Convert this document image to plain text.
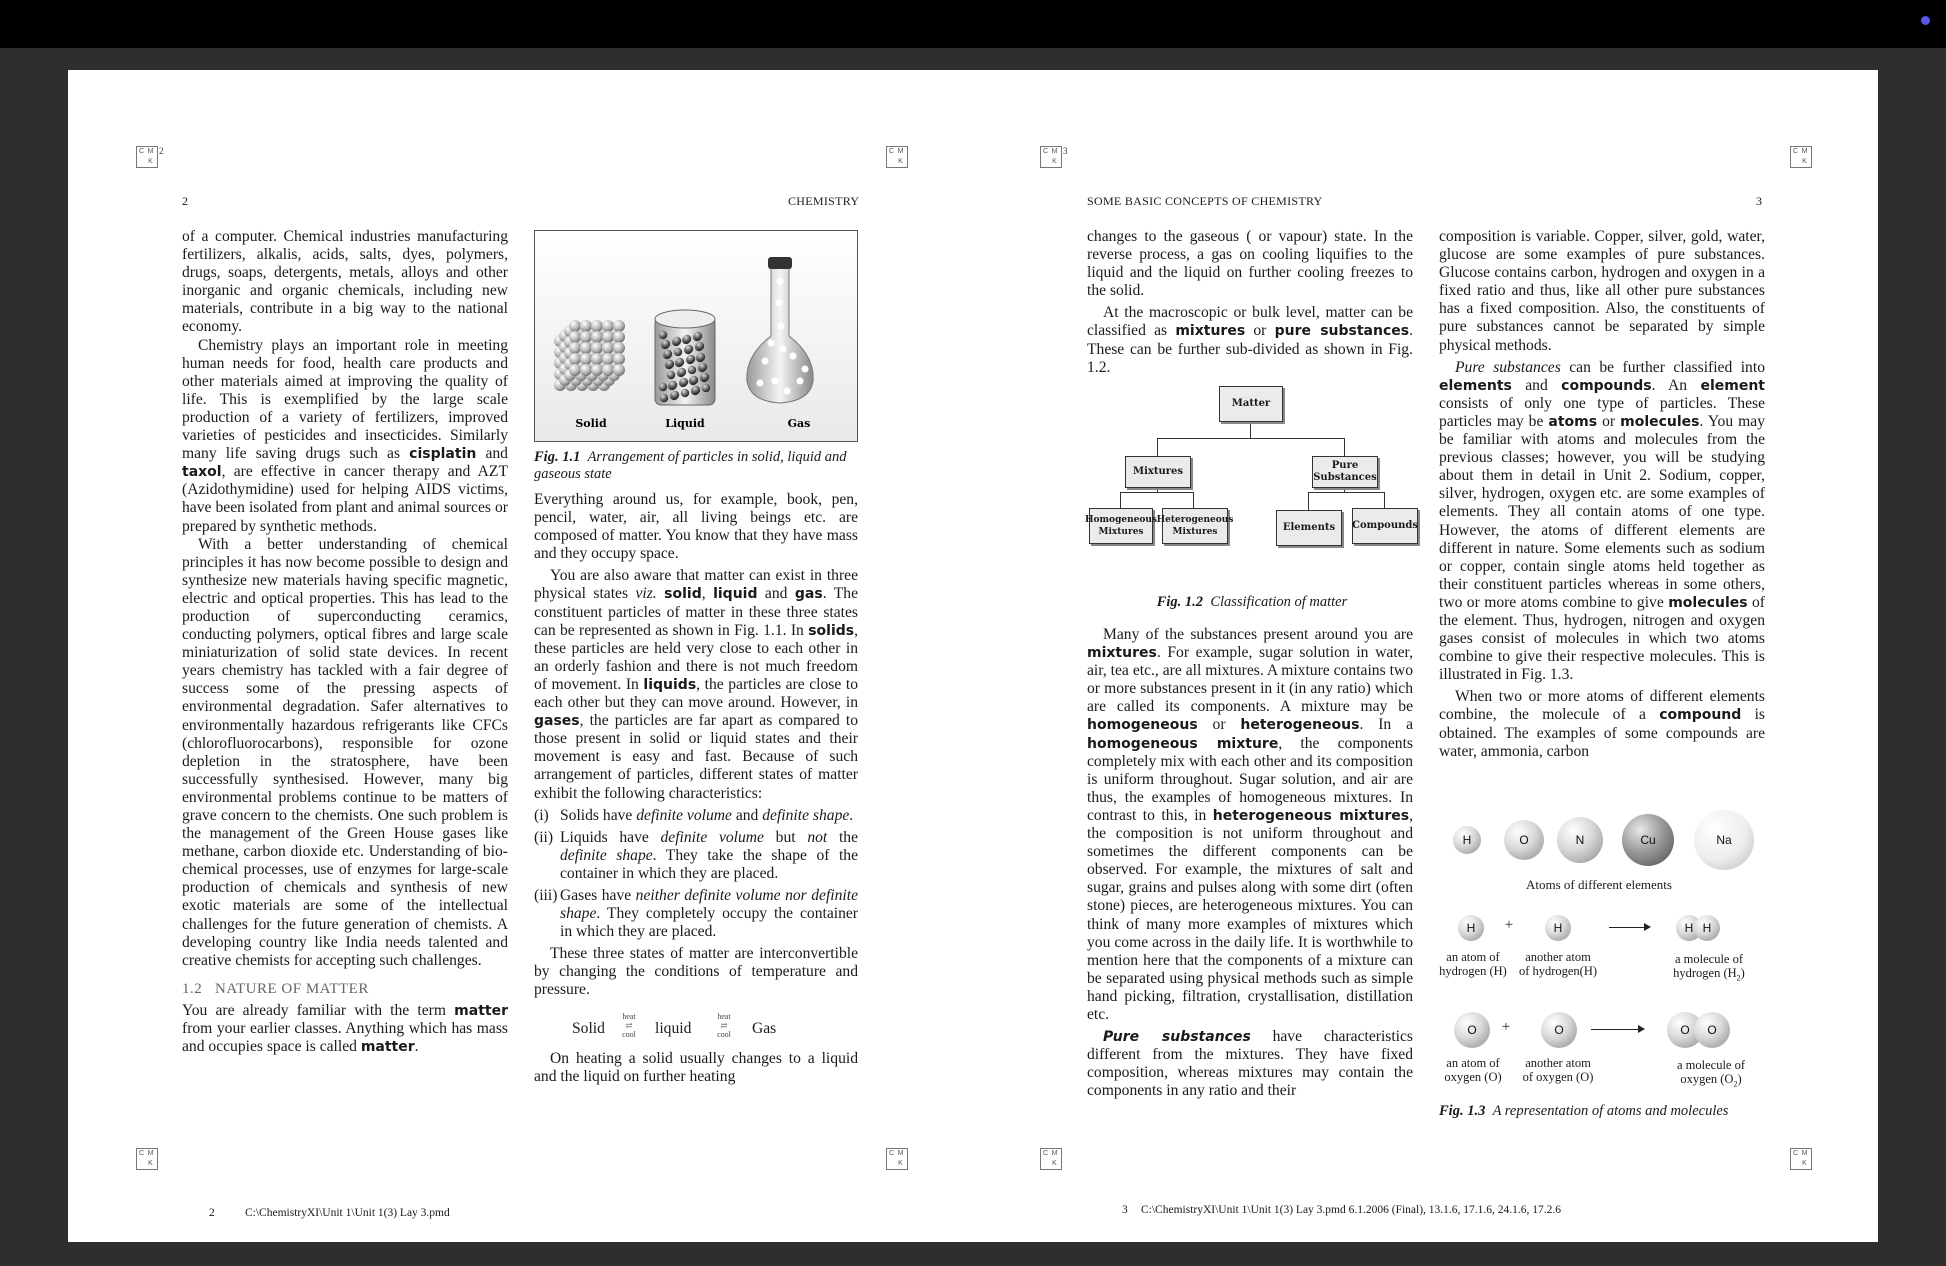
C M
K
2	C M
K
C M
K
3	C M
K
C M
K
C M
K
C M
K
C M
K
2	CHEMISTRY	SOME BASIC CONCEPTS OF CHEMISTRY	3

of a computer. Chemical industries manufacturing fertilizers, alkalis, acids, salts, dyes, polymers, drugs, soaps, detergents, metals, alloys and other inorganic and organic chemicals, including new materials, contribute in a big way to the national economy.

Chemistry plays an important role in meeting human needs for food, health care products and other materials aimed at improving the quality of life. This is exemplified by the large scale production of a variety of fertilizers, improved varieties of pesticides and insecticides. Similarly many life saving drugs such as cisplatin and taxol, are effective in cancer therapy and AZT (Azidothymidine) used for helping AIDS victims, have been isolated from plant and animal sources or prepared by synthetic methods.

With a better understanding of chemical principles it has now become possible to design and synthesize new materials having specific magnetic, electric and optical properties. This has lead to the production of superconducting ceramics, conducting polymers, optical fibres and large scale miniaturization of solid state devices. In recent years chemistry has tackled with a fair degree of success some of the pressing aspects of environmental degradation. Safer alternatives to environmentally hazardous refrigerants like CFCs (chlorofluorocarbons), responsible for ozone depletion in the stratosphere, have been successfully synthesised. However, many big environmental problems continue to be matters of grave concern to the chemists. One such problem is the management of the Green House gases like methane, carbon dioxide etc. Understanding of bio-chemical processes, use of enzymes for large-scale production of chemicals and synthesis of new exotic materials are some of the intellectual challenges for the future generation of chemists. A developing country like India needs talented and creative chemists for accepting such challenges.

1.2 NATURE OF MATTER

You are already familiar with the term matter from your earlier classes. Anything which has mass and occupies space is called matter.

Solid	Liquid	Gas
Fig. 1.1 Arrangement of particles in solid, liquid and gaseous state

Everything around us, for example, book, pen, pencil, water, air, all living beings etc. are composed of matter. You know that they have mass and they occupy space.

You are also aware that matter can exist in three physical states viz. solid, liquid and gas. The constituent particles of matter in these three states can be represented as shown in Fig. 1.1. In solids, these particles are held very close to each other in an orderly fashion and there is not much freedom of movement. In liquids, the particles are close to each other but they can move around. However, in gases, the particles are far apart as compared to those present in solid or liquid states and their movement is easy and fast. Because of such arrangement of particles, different states of matter exhibit the following characteristics:

(i) Solids have definite volume and definite shape.
(ii) Liquids have definite volume but not the definite shape. They take the shape of the container in which they are placed.
(iii) Gases have neither definite volume nor definite shape. They completely occupy the container in which they are placed.

These three states of matter are interconvertible by changing the conditions of temperature and pressure.

Solid
heat
⇄
cool	liquid
heat
⇄
cool	Gas

On heating a solid usually changes to a liquid and the liquid on further heating

changes to the gaseous ( or vapour) state. In the reverse process, a gas on cooling liquifies to the liquid and the liquid on further cooling freezes to the solid.

At the macroscopic or bulk level, matter can be classified as mixtures or pure substances. These can be further sub-divided as shown in Fig. 1.2.

Matter
Mixtures
Pure Substances
Homogeneous Mixtures
Heterogeneous Mixtures	Elements	Compounds
Fig. 1.2 Classification of matter

Many of the substances present around you are mixtures. For example, sugar solution in water, air, tea etc., are all mixtures. A mixture contains two or more substances present in it (in any ratio) which are called its components. A mixture may be homogeneous or heterogeneous. In a homogeneous mixture, the components completely mix with each other and its composition is uniform throughout. Sugar solution, and air are thus, the examples of homogeneous mixtures. In contrast to this, in heterogeneous mixtures, the composition is not uniform throughout and sometimes the different components can be observed. For example, the mixtures of salt and sugar, grains and pulses along with some dirt (often stone) pieces, are heterogeneous mixtures. You can think of many more examples of mixtures which you come across in the daily life. It is worthwhile to mention here that the components of a mixture can be separated using physical methods such as simple hand picking, filtration, crystallisation, distillation etc.

Pure substances have characteristics different from the mixtures. They have fixed composition, whereas mixtures may contain the components in any ratio and their

composition is variable. Copper, silver, gold, water, glucose are some examples of pure substances. Glucose contains carbon, hydrogen and oxygen in a fixed ratio and thus, like all other pure substances has a fixed composition. Also, the constituents of pure substances cannot be separated by simple physical methods.

Pure substances can be further classified into elements and compounds. An element consists of only one type of particles. These particles may be atoms or molecules. You may be familiar with atoms and molecules from the previous classes; however, you will be studying about them in detail in Unit 2. Sodium, copper, silver, hydrogen, oxygen etc. are some examples of elements. They all contain atoms of one type. However, the atoms of different elements are different in nature. Some elements such as sodium or copper, contain single atoms held together as their constituent particles whereas in some others, two or more atoms combine to give molecules of the element. Thus, hydrogen, nitrogen and oxygen gases consist of molecules in which two atoms combine to give their respective molecules. This is illustrated in Fig. 1.3.

When two or more atoms of different elements combine, the molecule of a compound is obtained. The examples of some compounds are water, ammonia, carbon

H	O	N	Cu	Na
Atoms of different elements
H	+	H	H H
an atom of
hydrogen (H)
another atom
of hydrogen(H)
a molecule of
hydrogen $(H_2)$
O	+	O	O	O
an atom of
oxygen (O)
another atom
of oxygen (O)
a molecule of
oxygen $(O_2)$
Fig. 1.3 A representation of atoms and molecules
2	C:\ChemistryXI\Unit 1\Unit 1(3) Lay 3.pmd	3 C:\ChemistryXI\Unit 1\Unit 1(3) Lay 3.pmd 6.1.2006 (Final), 13.1.6, 17.1.6, 24.1.6, 17.2.6
